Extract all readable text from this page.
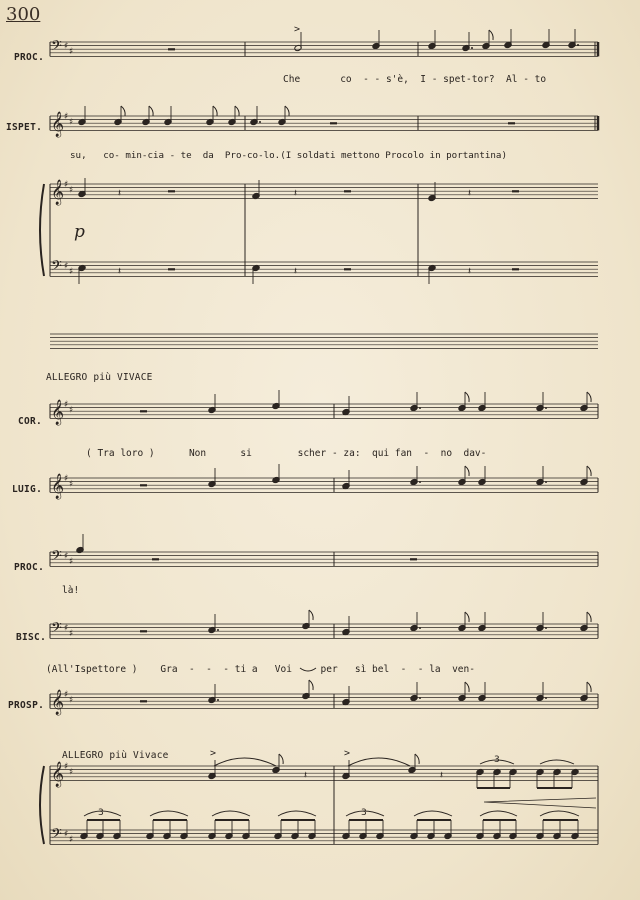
300
PROC.
ISPET.
Che       co  - - s'è,  I - spet-tor?  Al - to
su,   co- min-cia - te  da  Pro-co-lo.(I soldati mettono Procolo in portantina)
p
ALLEGRO più VIVACE
COR.
( Tra loro )      Non      si        scher - za:  qui fan  -  no  dav-
LUIG.
PROC.
là!
BISC.
(All'Ispettore )    Gra  -  -  - ti a   Voi     per   sì bel  -  - la  ven-
PROSP.
ALLEGRO più Vivace
𝄢 ♯
♯
𝄞 ♯
♯
𝄞 ♯
♯
𝄢 ♯
♯
>
𝄽	𝄽	𝄽
𝄽	𝄽	𝄽
𝄞 ♯
♯
𝄞 ♯
♯
𝄢 ♯
♯
𝄢 ♯
♯
𝄞 ♯
♯
𝄞 ♯
♯
𝄢 ♯
♯
>
𝄽
>
𝄽
3
3	3
